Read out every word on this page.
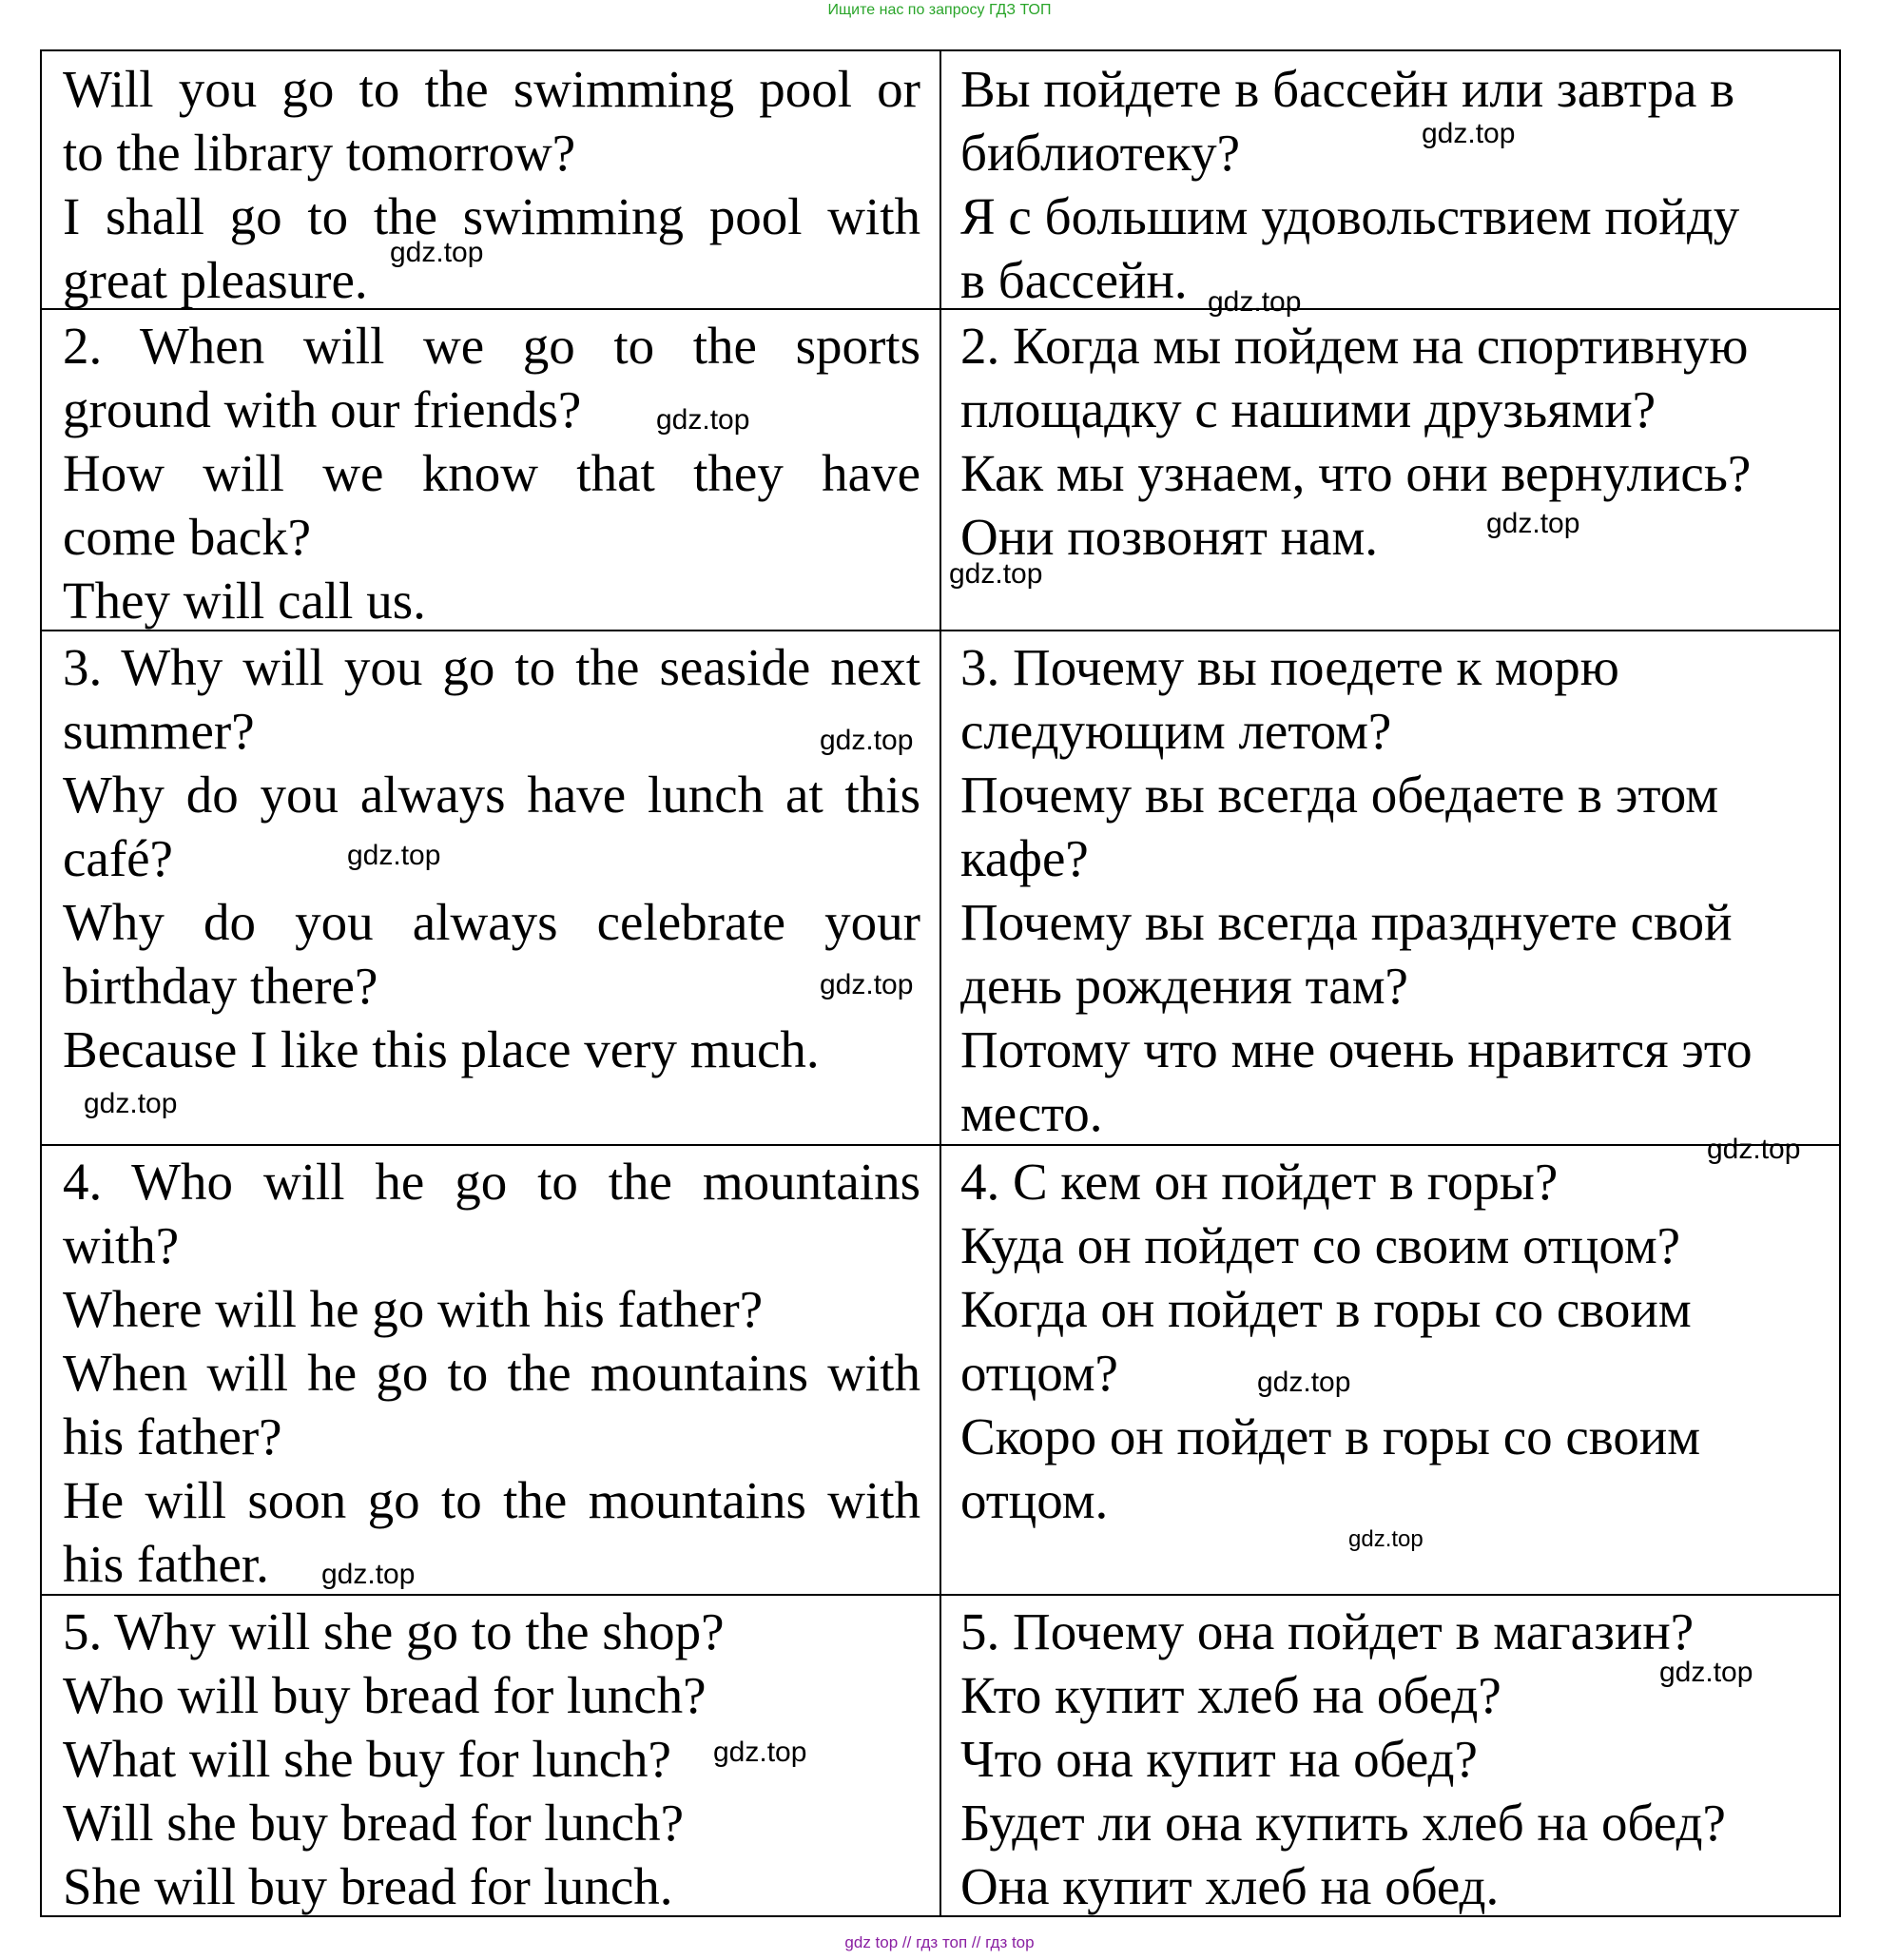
Ищите нас по запросу ГДЗ ТОП
Will you go to the swimming pool or
to the library tomorrow?
I shall go to the swimming pool with
great pleasure.
Вы пойдете в бассейн или завтра в
библиотеку?
Я с большим удовольствием пойду
в бассейн.
2. When will we go to the sports
ground with our friends?
How will we know that they have
come back?
They will call us.
2. Когда мы пойдем на спортивную
площадку с нашими друзьями?
Как мы узнаем, что они вернулись?
Они позвонят нам.
3. Why will you go to the seaside next
summer?
Why do you always have lunch at this
café?
Why do you always celebrate your
birthday there?
Because I like this place very much.
3. Почему вы поедете к морю
следующим летом?
Почему вы всегда обедаете в этом
кафе?
Почему вы всегда празднуете свой
день рождения там?
Потому что мне очень нравится это
место.
4. Who will he go to the mountains
with?
Where will he go with his father?
When will he go to the mountains with
his father?
He will soon go to the mountains with
his father.
4. С кем он пойдет в горы?
Куда он пойдет со своим отцом?
Когда он пойдет в горы со своим
отцом?
Скоро он пойдет в горы со своим
отцом.
5. Why will she go to the shop?
Who will buy bread for lunch?
What will she buy for lunch?
Will she buy bread for lunch?
She will buy bread for lunch.
5. Почему она пойдет в магазин?
Кто купит хлеб на обед?
Что она купит на обед?
Будет ли она купить хлеб на обед?
Она купит хлеб на обед.
gdz.top
gdz.top
gdz.top
gdz.top
gdz.top
gdz.top
gdz.top
gdz.top
gdz.top
gdz.top
gdz.top
gdz.top
gdz.top
gdz.top
gdz.top
gdz.top
gdz top // гдз топ // гдз top
